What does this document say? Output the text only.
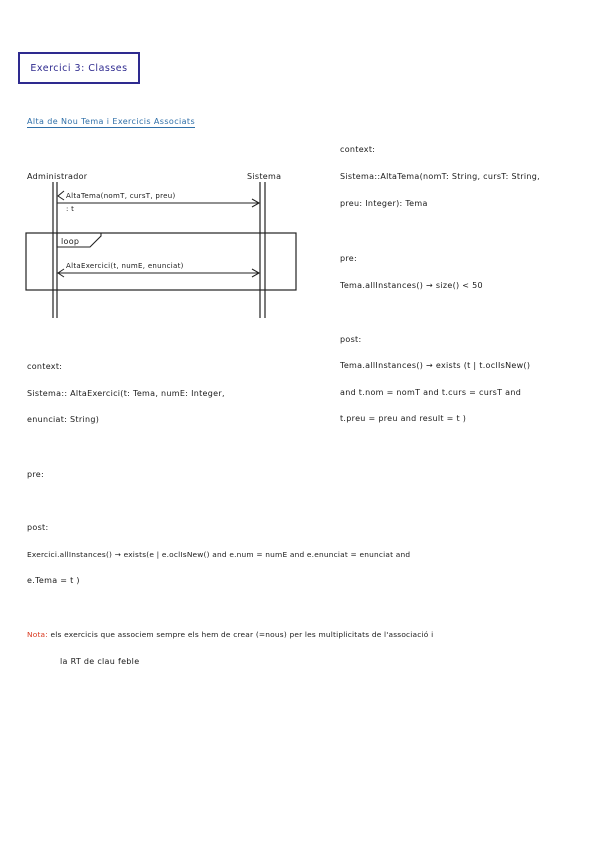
Exercici 3: Classes
Alta de Nou Tema i Exercicis Associats
Administrador	Sistema
AltaTema(nomT, cursT, preu)
: t
loop
AltaExercici(t, numE, enunciat)
context:
Sistema::AltaTema(nomT: String, cursT: String,
preu: Integer): Tema
pre:
Tema.allInstances() → size() < 50
post:
Tema.allInstances() → exists (t | t.oclIsNew()
and t.nom = nomT and t.curs = cursT and
t.preu = preu and result = t )
context:
Sistema:: AltaExercici(t: Tema, numE: Integer,
enunciat: String)
pre:
post:
Exercici.allInstances() → exists(e | e.oclIsNew() and e.num = numE and e.enunciat = enunciat and
e.Tema = t )
Nota: els exercicis que associem sempre els hem de crear (=nous) per les multiplicitats de l'associació i
la RT de clau feble
